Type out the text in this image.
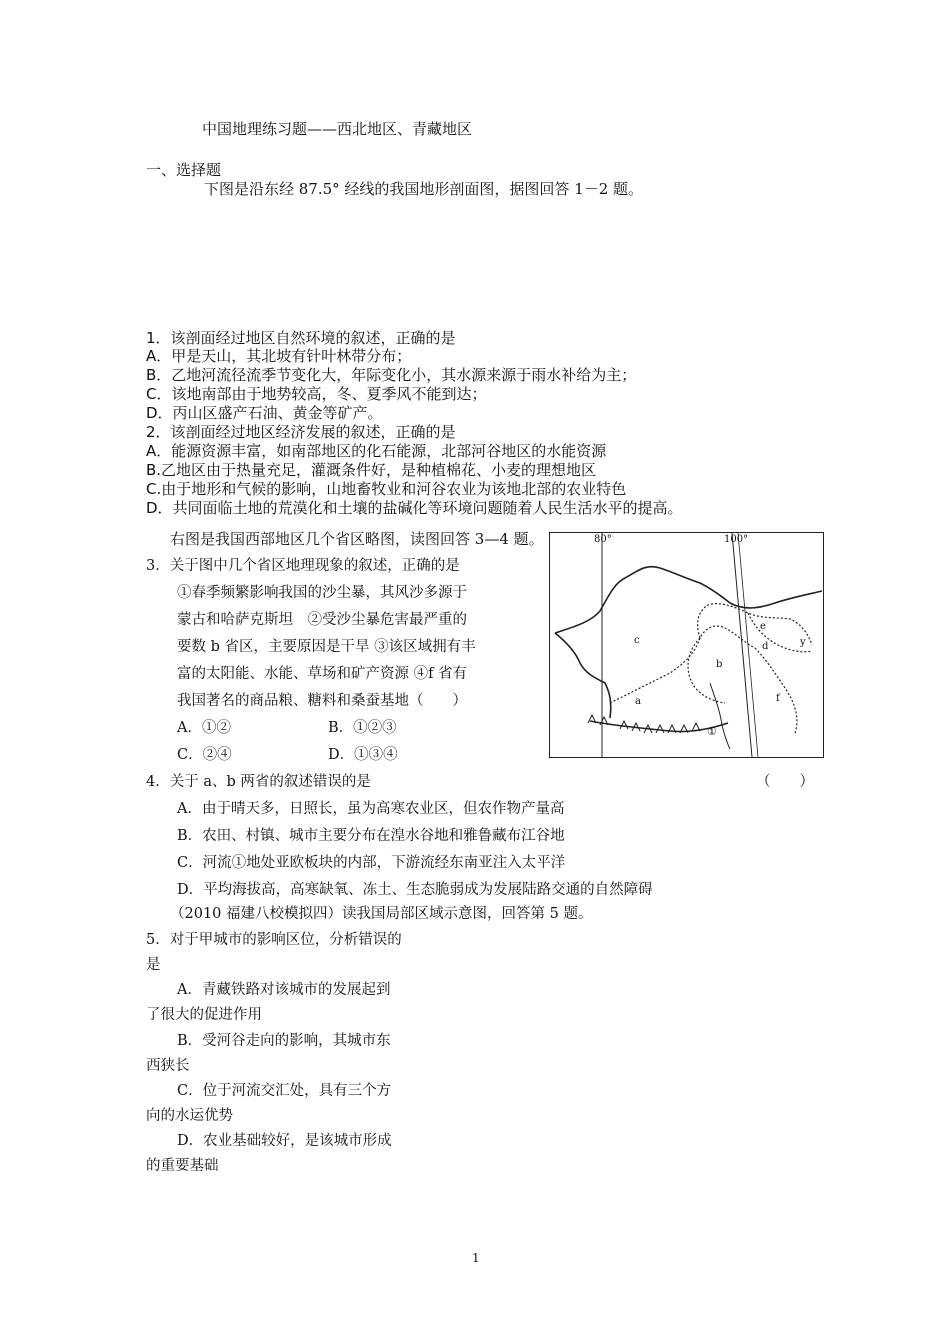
中国地理练习题——西北地区、青藏地区
一、选择题
下图是沿东经 87.5° 经线的我国地形剖面图，据图回答 1－2 题。
1．该剖面经过地区自然环境的叙述，正确的是
A．甲是天山，其北坡有针叶林带分布；
B．乙地河流径流季节变化大，年际变化小，其水源来源于雨水补给为主；
C．该地南部由于地势较高，冬、夏季风不能到达；
D．丙山区盛产石油、黄金等矿产。
2．该剖面经过地区经济发展的叙述，正确的是
A．能源资源丰富，如南部地区的化石能源，北部河谷地区的水能资源
B.乙地区由于热量充足，灌溉条件好，是种植棉花、小麦的理想地区
C.由于地形和气候的影响，山地畜牧业和河谷农业为该地北部的农业特色
D．共同面临土地的荒漠化和土壤的盐碱化等环境问题随着人民生活水平的提高。
右图是我国西部地区几个省区略图，读图回答 3—4 题。	80°	100°
c
b
a
e
d	y
f
①
3．关于图中几个省区地理现象的叙述，正确的是
①春季频繁影响我国的沙尘暴，其风沙多源于
蒙古和哈萨克斯坦　②受沙尘暴危害最严重的
要数 b 省区，主要原因是干旱 ③该区域拥有丰
富的太阳能、水能、草场和矿产资源 ④f 省有
我国著名的商品粮、糖料和桑蚕基地（　　）
A．①②	B．①②③
C．②④	D．①③④
4．关于 a、b 两省的叙述错误的是	（　　）
A．由于晴天多，日照长，虽为高寒农业区，但农作物产量高
B．农田、村镇、城市主要分布在湟水谷地和雅鲁藏布江谷地
C．河流①地处亚欧板块的内部，下游流经东南亚注入太平洋
D．平均海拔高，高寒缺氧、冻土、生态脆弱成为发展陆路交通的自然障碍
（2010 福建八校模拟四）读我国局部区域示意图，回答第 5 题。
5．对于甲城市的影响区位，分析错误的
是
A．青藏铁路对该城市的发展起到
了很大的促进作用
B．受河谷走向的影响，其城市东
西狭长
C．位于河流交汇处，具有三个方
向的水运优势
D．农业基础较好，是该城市形成
的重要基础
1
